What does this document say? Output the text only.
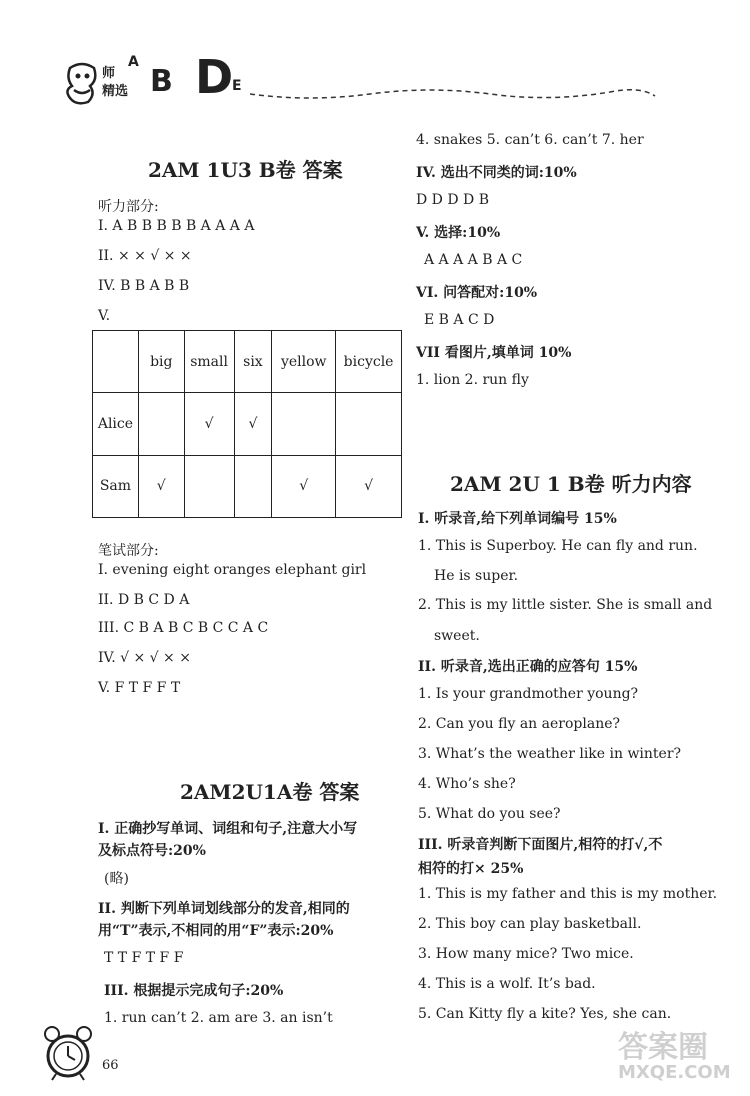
师
精选
A
B D
E
2AM 1U3 B卷 答案
听力部分:
I. A B B B B B A A A A
II. × × √ × ×
IV. B B A B B
V.
	big	small	six	yellow	bicycle
Alice		√	√		
Sam	√			√	√
笔试部分:
I. evening eight oranges elephant girl
II. D B C D A
III. C B A B C B C C A C
IV. √ × √ × ×
V. F T F F T
2AM2U1A卷 答案
I. 正确抄写单词、词组和句子,注意大小写
及标点符号:20%
(略)
II. 判断下列单词划线部分的发音,相同的
用“T”表示,不相同的用“F”表示:20%
T T F T F F
III. 根据提示完成句子:20%
1. run can’t 2. am are 3. an isn’t
66
4. snakes 5. can’t 6. can’t 7. her
IV. 选出不同类的词:10%
D D D D B
V. 选择:10%
A A A A B A C
VI. 问答配对:10%
E B A C D
VII 看图片,填单词 10%
1. lion 2. run fly
2AM 2U 1 B卷 听力内容
I. 听录音,给下列单词编号 15%
1. This is Superboy. He can fly and run.
He is super.
2. This is my little sister. She is small and
sweet.
II. 听录音,选出正确的应答句 15%
1. Is your grandmother young?
2. Can you fly an aeroplane?
3. What’s the weather like in winter?
4. Who’s she?
5. What do you see?
III. 听录音判断下面图片,相符的打√,不
相符的打× 25%
1. This is my father and this is my mother.
2. This boy can play basketball.
3. How many mice? Two mice.
4. This is a wolf. It’s bad.
5. Can Kitty fly a kite? Yes, she can.
答案圈
MXQE.COM
